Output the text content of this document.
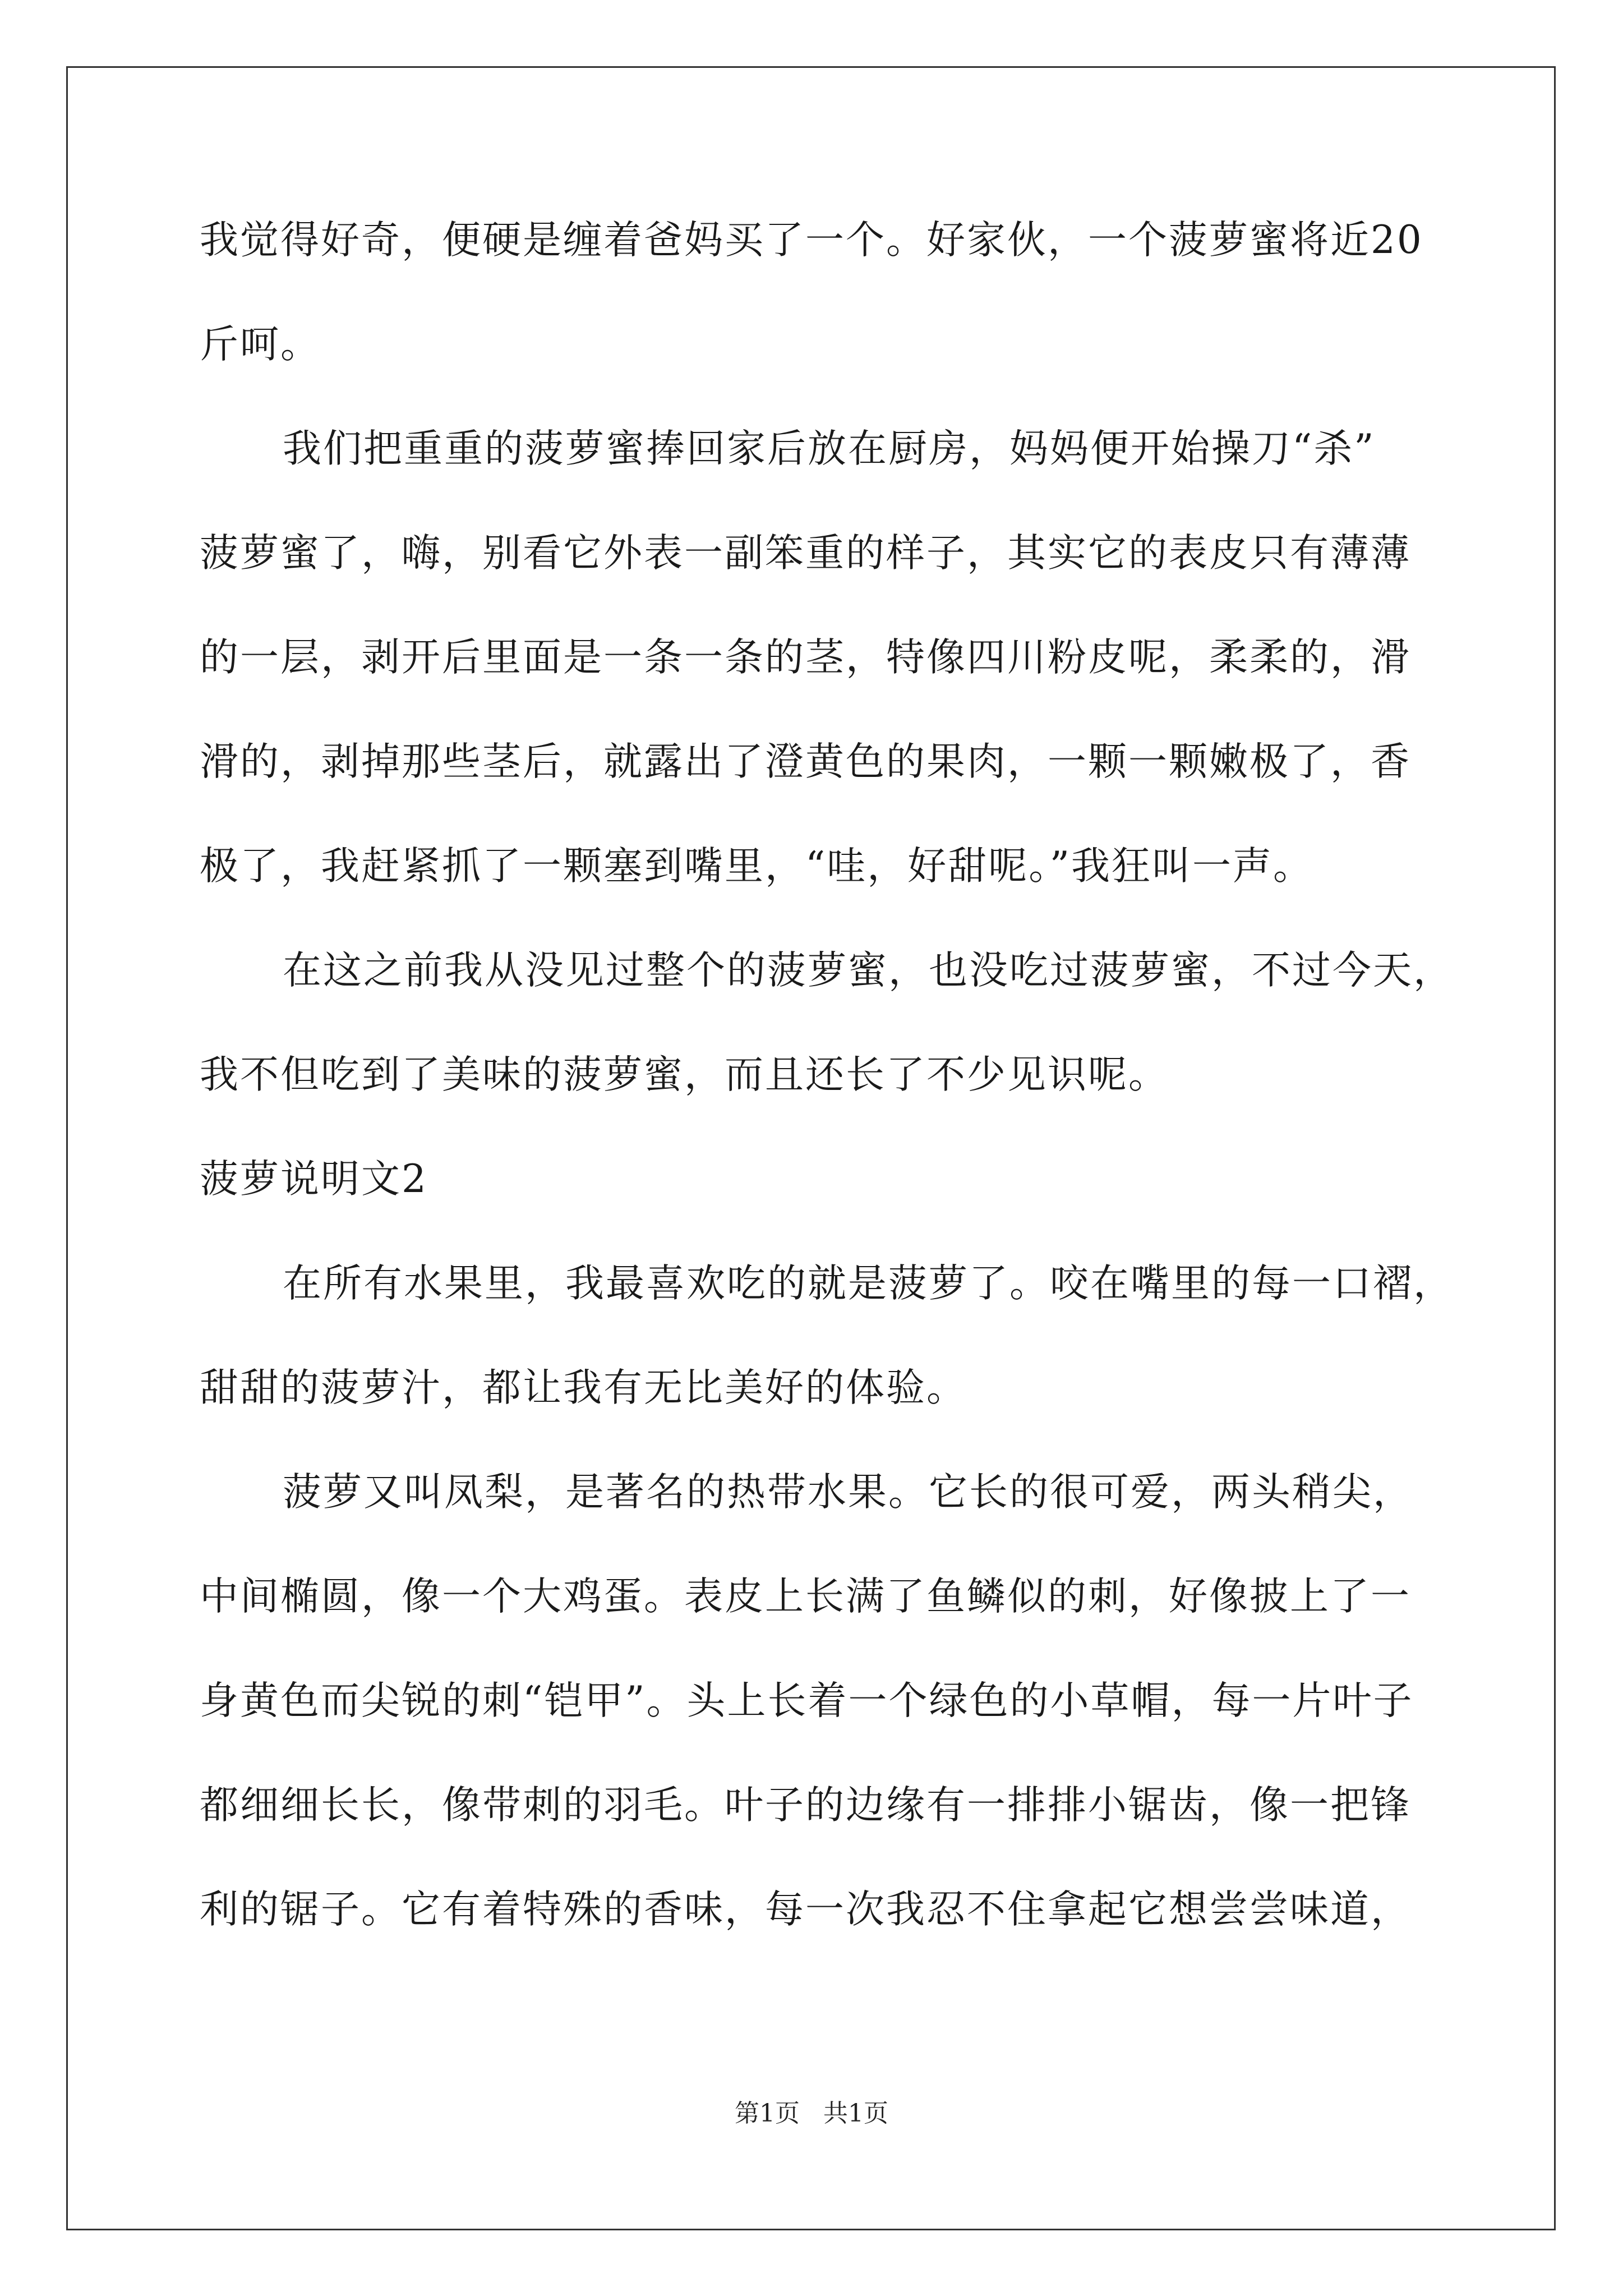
我觉得好奇，便硬是缠着爸妈买了一个。好家伙，一个菠萝蜜将近20
斤呵。
我们把重重的菠萝蜜捧回家后放在厨房，妈妈便开始操刀“杀”
菠萝蜜了，嗨，别看它外表一副笨重的样子，其实它的表皮只有薄薄
的一层，剥开后里面是一条一条的茎，特像四川粉皮呢，柔柔的，滑
滑的，剥掉那些茎后，就露出了澄黄色的果肉，一颗一颗嫩极了，香
极了，我赶紧抓了一颗塞到嘴里，“哇，好甜呢。”我狂叫一声。
在这之前我从没见过整个的菠萝蜜，也没吃过菠萝蜜，不过今天，
我不但吃到了美味的菠萝蜜，而且还长了不少见识呢。
菠萝说明文2
在所有水果里，我最喜欢吃的就是菠萝了。咬在嘴里的每一口褶，
甜甜的菠萝汁，都让我有无比美好的体验。
菠萝又叫凤梨，是著名的热带水果。它长的很可爱，两头稍尖，
中间椭圆，像一个大鸡蛋。表皮上长满了鱼鳞似的刺，好像披上了一
身黄色而尖锐的刺“铠甲”。头上长着一个绿色的小草帽，每一片叶子
都细细长长，像带刺的羽毛。叶子的边缘有一排排小锯齿，像一把锋
利的锯子。它有着特殊的香味，每一次我忍不住拿起它想尝尝味道，
第1页   共1页
